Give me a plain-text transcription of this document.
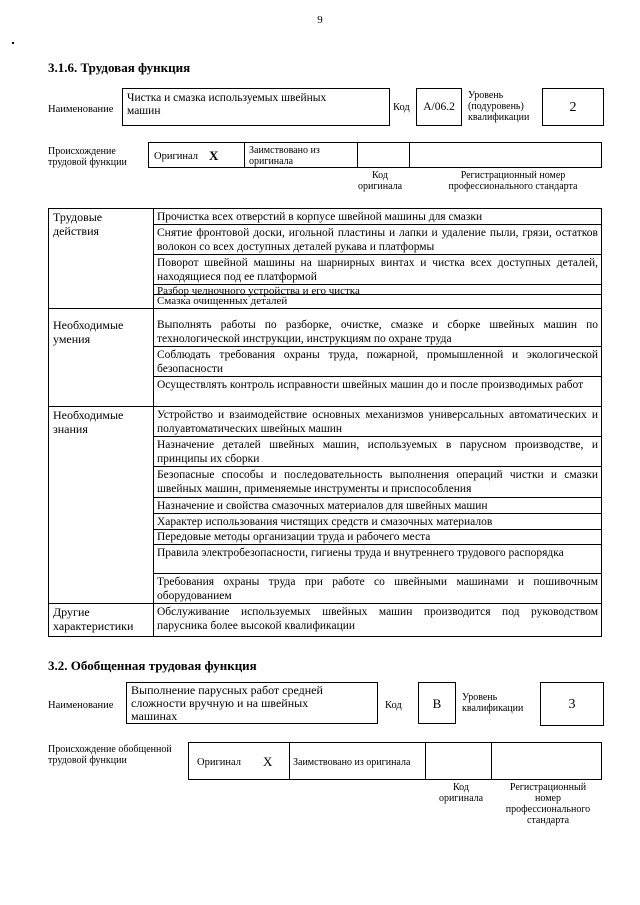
9
3.1.6. Трудовая функция
Наименование
Чистка и смазка используемых швейных машин	Код	A/06.2
Уровень (подуровень) квалификации
2
Происхождение трудовой функции
Оригинал X	Заимствовано из оригинала
Код оригинала
Регистрационный номер профессионального стандарта
Трудовые действия
Прочистка всех отверстий в корпусе швейной машины для смазки
Снятие фронтовой доски, игольной пластины и лапки и удаление пыли, грязи, остатков волокон со всех доступных деталей рукава и платформы
Поворот швейной машины на шарнирных винтах и чистка всех доступных деталей, находящиеся под ее платформой
Разбор челночного устройства и его чистка
Смазка очищенных деталей
Необходимые умения
Выполнять работы по разборке, очистке, смазке и сборке швейных машин по технологической инструкции, инструкциям по охране труда
Соблюдать требования охраны труда, пожарной, промышленной и экологической безопасности
Осуществлять контроль исправности швейных машин до и после производимых работ
Необходимые знания
Устройство и взаимодействие основных механизмов универсальных автоматических и полуавтоматических швейных машин
Назначение деталей швейных машин, используемых в парусном производстве, и принципы их сборки
Безопасные способы и последовательность выполнения операций чистки и смазки швейных машин, применяемые инструменты и приспособления
Назначение и свойства смазочных материалов для швейных машин
Характер использования чистящих средств и смазочных материалов
Передовые методы организации труда и рабочего места
Правила электробезопасности, гигиены труда и внутреннего трудового распорядка
Требования охраны труда при работе со швейными машинами и пошивочным оборудованием
Другие характеристики
Обслуживание используемых швейных машин производится под руководством парусника более высокой квалификации
3.2. Обобщенная трудовая функция
Наименование
Выполнение парусных работ средней сложности вручную и на швейных машинах
Код	B	Уровень квалификации	3
Происхождение обобщенной трудовой функции	Оригинал X Заимствовано из оригинала
Код оригинала
Регистрационный номер профессионального стандарта
